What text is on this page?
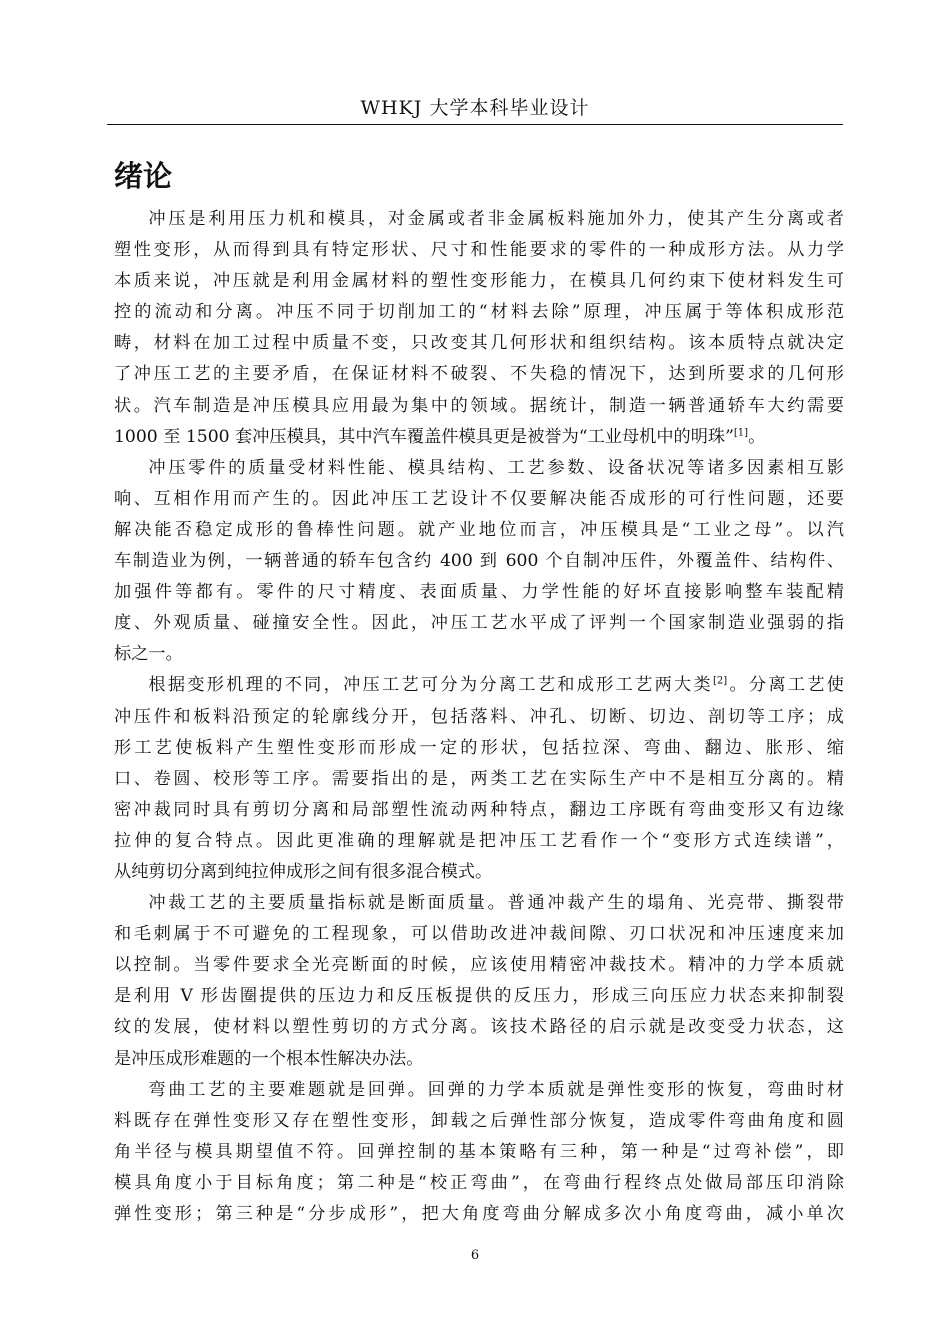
WHKJ 大学本科毕业设计
绪论

冲压是利用压力机和模具，对金属或者非金属板料施加外力，使其产生分离或者
塑性变形，从而得到具有特定形状、尺寸和性能要求的零件的一种成形方法。从力学
本质来说，冲压就是利用金属材料的塑性变形能力，在模具几何约束下使材料发生可
控的流动和分离。冲压不同于切削加工的“材料去除”原理，冲压属于等体积成形范
畴，材料在加工过程中质量不变，只改变其几何形状和组织结构。该本质特点就决定
了冲压工艺的主要矛盾，在保证材料不破裂、不失稳的情况下，达到所要求的几何形
状。汽车制造是冲压模具应用最为集中的领域。据统计，制造一辆普通轿车大约需要
1000 至 1500 套冲压模具，其中汽车覆盖件模具更是被誉为“工业母机中的明珠”[1]。

冲压零件的质量受材料性能、模具结构、工艺参数、设备状况等诸多因素相互影
响、互相作用而产生的。因此冲压工艺设计不仅要解决能否成形的可行性问题，还要
解决能否稳定成形的鲁棒性问题。就产业地位而言，冲压模具是“工业之母”。以汽
车制造业为例，一辆普通的轿车包含约 400 到 600 个自制冲压件，外覆盖件、结构件、
加强件等都有。零件的尺寸精度、表面质量、力学性能的好坏直接影响整车装配精
度、外观质量、碰撞安全性。因此，冲压工艺水平成了评判一个国家制造业强弱的指
标之一。

根据变形机理的不同，冲压工艺可分为分离工艺和成形工艺两大类[2]。分离工艺使
冲压件和板料沿预定的轮廓线分开，包括落料、冲孔、切断、切边、剖切等工序；成
形工艺使板料产生塑性变形而形成一定的形状，包括拉深、弯曲、翻边、胀形、缩
口、卷圆、校形等工序。需要指出的是，两类工艺在实际生产中不是相互分离的。精
密冲裁同时具有剪切分离和局部塑性流动两种特点，翻边工序既有弯曲变形又有边缘
拉伸的复合特点。因此更准确的理解就是把冲压工艺看作一个“变形方式连续谱”，
从纯剪切分离到纯拉伸成形之间有很多混合模式。

冲裁工艺的主要质量指标就是断面质量。普通冲裁产生的塌角、光亮带、撕裂带
和毛刺属于不可避免的工程现象，可以借助改进冲裁间隙、刃口状况和冲压速度来加
以控制。当零件要求全光亮断面的时候，应该使用精密冲裁技术。精冲的力学本质就
是利用 V 形齿圈提供的压边力和反压板提供的反压力，形成三向压应力状态来抑制裂
纹的发展，使材料以塑性剪切的方式分离。该技术路径的启示就是改变受力状态，这
是冲压成形难题的一个根本性解决办法。

弯曲工艺的主要难题就是回弹。回弹的力学本质就是弹性变形的恢复，弯曲时材
料既存在弹性变形又存在塑性变形，卸载之后弹性部分恢复，造成零件弯曲角度和圆
角半径与模具期望值不符。回弹控制的基本策略有三种，第一种是“过弯补偿”，即
模具角度小于目标角度；第二种是“校正弯曲”，在弯曲行程终点处做局部压印消除
弹性变形；第三种是“分步成形”，把大角度弯曲分解成多次小角度弯曲，减小单次

6
